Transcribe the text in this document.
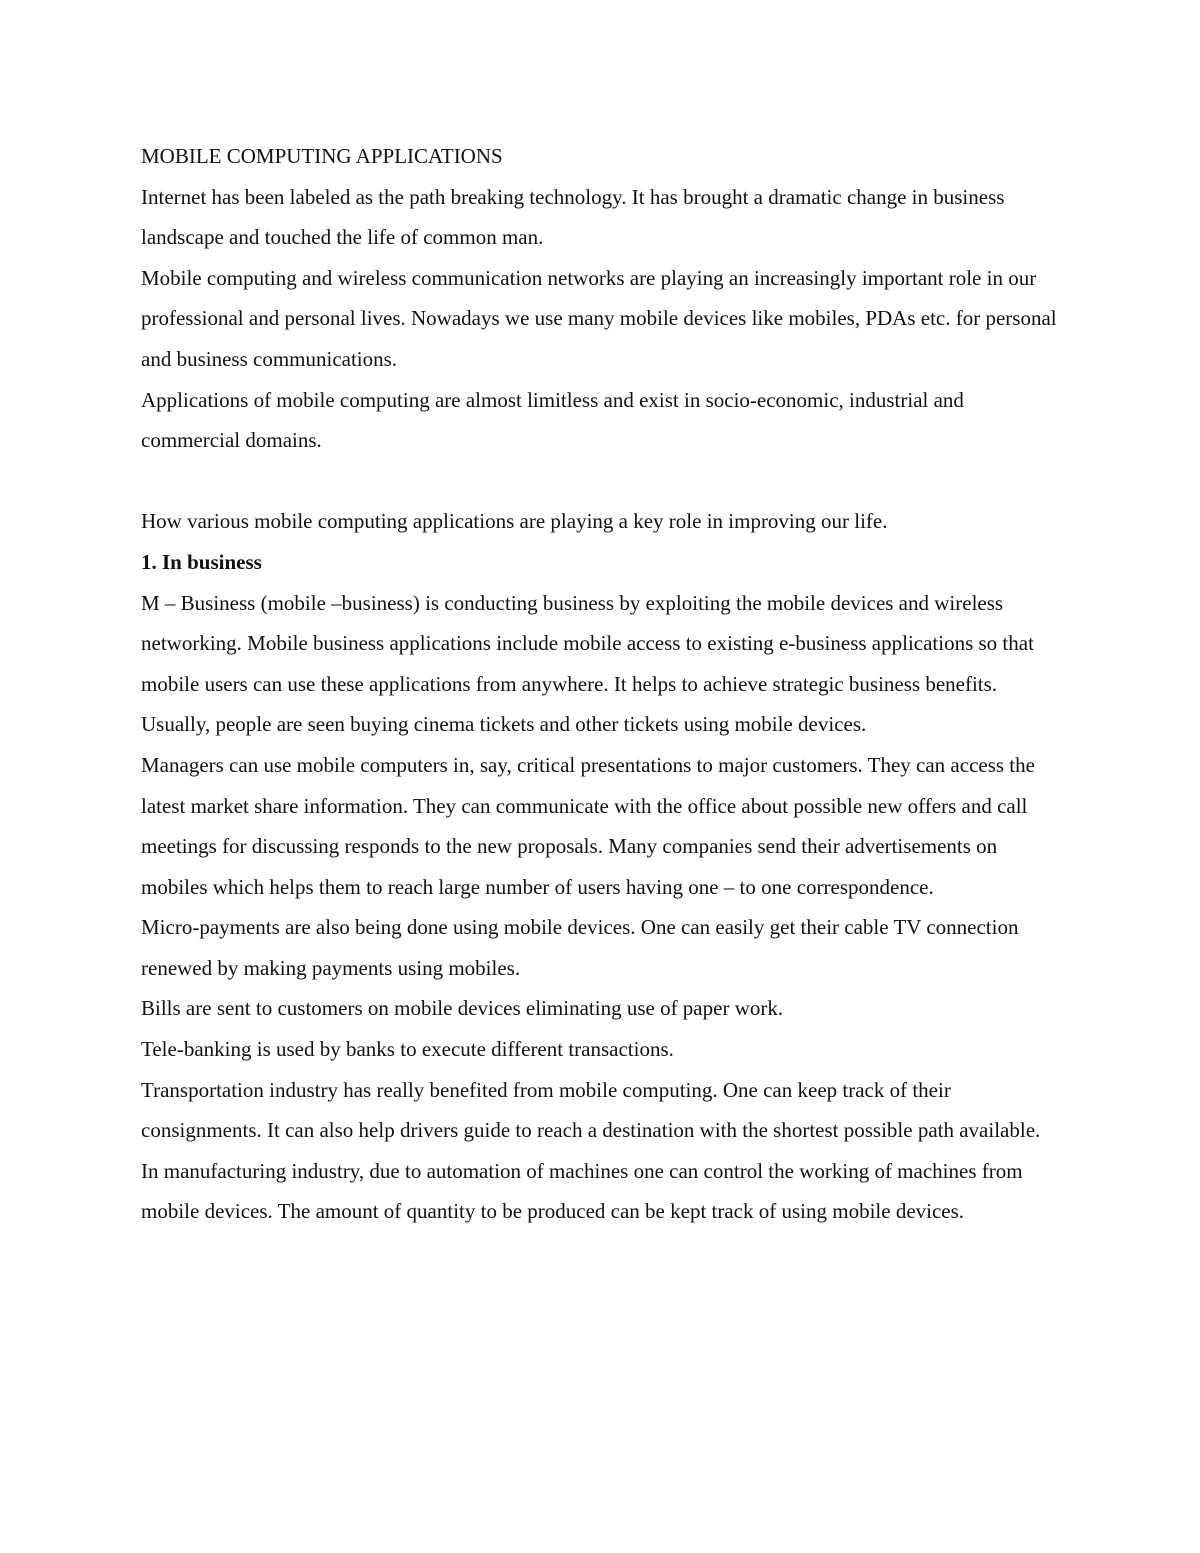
MOBILE COMPUTING APPLICATIONS

Internet has been labeled as the path breaking technology. It has brought a dramatic change in business landscape and touched the life of common man.

Mobile computing and wireless communication networks are playing an increasingly important role in our professional and personal lives. Nowadays we use many mobile devices like mobiles, PDAs etc. for personal and business communications.

Applications of mobile computing are almost limitless and exist in socio-economic, industrial and commercial domains.

How various mobile computing applications are playing a key role in improving our life.

1. In business

M – Business (mobile –business) is conducting business by exploiting the mobile devices and wireless networking. Mobile business applications include mobile access to existing e-business applications so that mobile users can use these applications from anywhere. It helps to achieve strategic business benefits. Usually, people are seen buying cinema tickets and other tickets using mobile devices.

Managers can use mobile computers in, say, critical presentations to major customers. They can access the latest market share information. They can communicate with the office about possible new offers and call meetings for discussing responds to the new proposals. Many companies send their advertisements on mobiles which helps them to reach large number of users having one – to one correspondence.

Micro-payments are also being done using mobile devices. One can easily get their cable TV connection renewed by making payments using mobiles.

Bills are sent to customers on mobile devices eliminating use of paper work.

Tele-banking is used by banks to execute different transactions.

Transportation industry has really benefited from mobile computing. One can keep track of their consignments. It can also help drivers guide to reach a destination with the shortest possible path available.

In manufacturing industry, due to automation of machines one can control the working of machines from mobile devices. The amount of quantity to be produced can be kept track of using mobile devices.
